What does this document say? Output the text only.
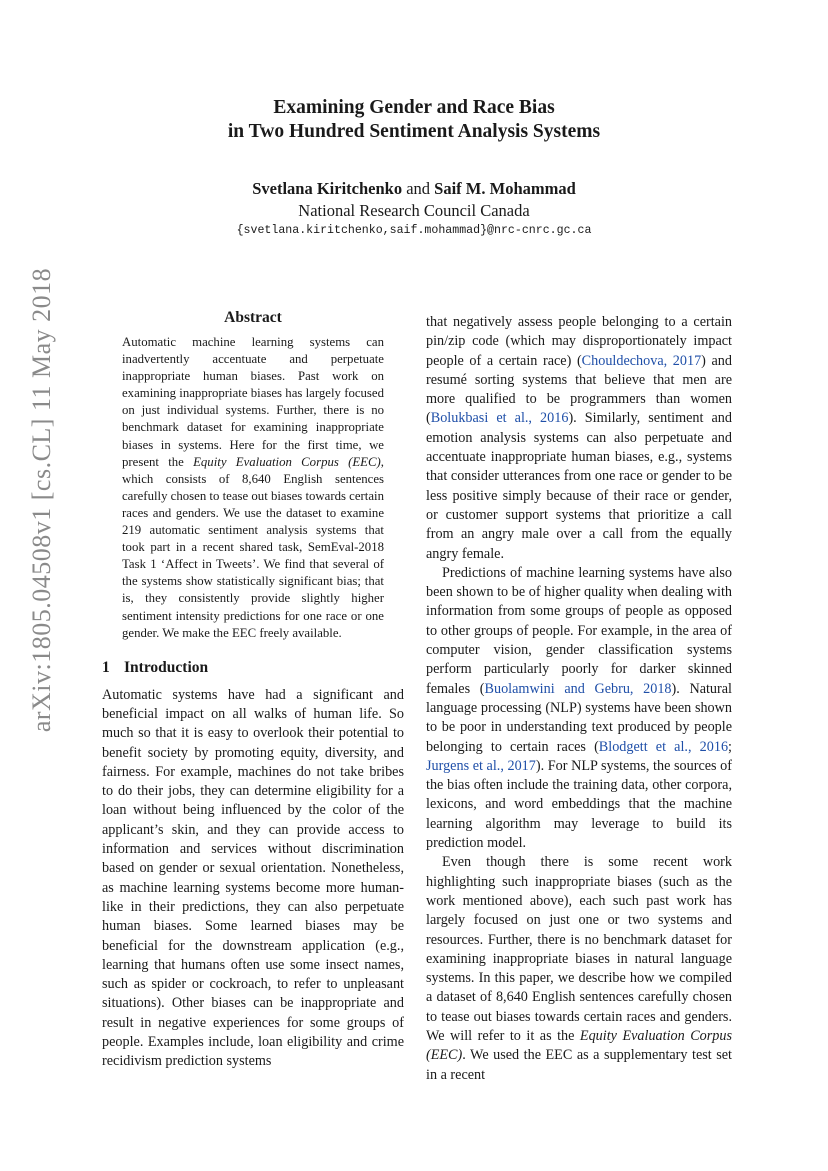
arXiv:1805.04508v1 [cs.CL] 11 May 2018
Examining Gender and Race Bias
in Two Hundred Sentiment Analysis Systems
Svetlana Kiritchenko and Saif M. Mohammad
National Research Council Canada
{svetlana.kiritchenko,saif.mohammad}@nrc-cnrc.gc.ca
Abstract

Automatic machine learning systems can inadvertently accentuate and perpetuate inappropriate human biases. Past work on examining inappropriate biases has largely focused on just individual systems. Further, there is no benchmark dataset for examining inappropriate biases in systems. Here for the first time, we present the Equity Evaluation Corpus (EEC), which consists of 8,640 English sentences carefully chosen to tease out biases towards certain races and genders. We use the dataset to examine 219 automatic sentiment analysis systems that took part in a recent shared task, SemEval-2018 Task 1 ‘Affect in Tweets’. We find that several of the systems show statistically significant bias; that is, they consistently provide slightly higher sentiment intensity predictions for one race or one gender. We make the EEC freely available.

1 Introduction

Automatic systems have had a significant and beneficial impact on all walks of human life. So much so that it is easy to overlook their potential to benefit society by promoting equity, diversity, and fairness. For example, machines do not take bribes to do their jobs, they can determine eligibility for a loan without being influenced by the color of the applicant’s skin, and they can provide access to information and services without discrimination based on gender or sexual orientation. Nonetheless, as machine learning systems become more human-like in their predictions, they can also perpetuate human biases. Some learned biases may be beneficial for the downstream application (e.g., learning that humans often use some insect names, such as spider or cockroach, to refer to unpleasant situations). Other biases can be inappropriate and result in negative experiences for some groups of people. Examples include, loan eligibility and crime recidivism prediction systems

that negatively assess people belonging to a certain pin/zip code (which may disproportionately impact people of a certain race) (Chouldechova, 2017) and resumé sorting systems that believe that men are more qualified to be programmers than women (Bolukbasi et al., 2016). Similarly, sentiment and emotion analysis systems can also perpetuate and accentuate inappropriate human biases, e.g., systems that consider utterances from one race or gender to be less positive simply because of their race or gender, or customer support systems that prioritize a call from an angry male over a call from the equally angry female.

Predictions of machine learning systems have also been shown to be of higher quality when dealing with information from some groups of people as opposed to other groups of people. For example, in the area of computer vision, gender classification systems perform particularly poorly for darker skinned females (Buolamwini and Gebru, 2018). Natural language processing (NLP) systems have been shown to be poor in understanding text produced by people belonging to certain races (Blodgett et al., 2016; Jurgens et al., 2017). For NLP systems, the sources of the bias often include the training data, other corpora, lexicons, and word embeddings that the machine learning algorithm may leverage to build its prediction model.

Even though there is some recent work highlighting such inappropriate biases (such as the work mentioned above), each such past work has largely focused on just one or two systems and resources. Further, there is no benchmark dataset for examining inappropriate biases in natural language systems. In this paper, we describe how we compiled a dataset of 8,640 English sentences carefully chosen to tease out biases towards certain races and genders. We will refer to it as the Equity Evaluation Corpus (EEC). We used the EEC as a supplementary test set in a recent
